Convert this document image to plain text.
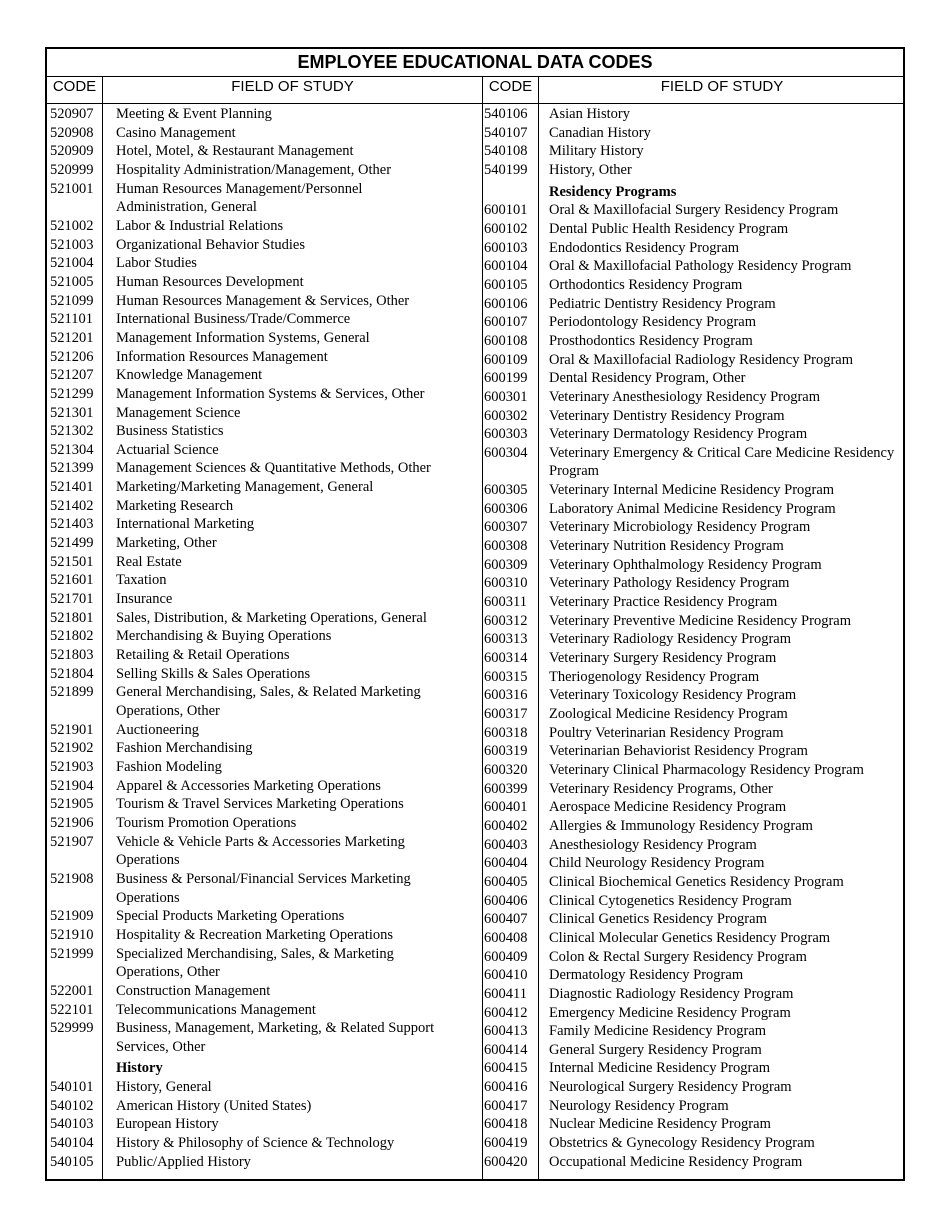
EMPLOYEE EDUCATIONAL DATA CODES
CODE	FIELD OF STUDY	CODE	FIELD OF STUDY
520907 Meeting & Event Planning
520908 Casino Management
520909 Hotel, Motel, & Restaurant Management
520999 Hospitality Administration/Management, Other
521001 Human Resources Management/Personnel Administration, General
521002 Labor & Industrial Relations
521003 Organizational Behavior Studies
521004 Labor Studies
521005 Human Resources Development
521099 Human Resources Management & Services, Other
521101 International Business/Trade/Commerce
521201 Management Information Systems, General
521206 Information Resources Management
521207 Knowledge Management
521299 Management Information Systems & Services, Other
521301 Management Science
521302 Business Statistics
521304 Actuarial Science
521399 Management Sciences & Quantitative Methods, Other
521401 Marketing/Marketing Management, General
521402 Marketing Research
521403 International Marketing
521499 Marketing, Other
521501 Real Estate
521601 Taxation
521701 Insurance
521801 Sales, Distribution, & Marketing Operations, General
521802 Merchandising & Buying Operations
521803 Retailing & Retail Operations
521804 Selling Skills & Sales Operations
521899 General Merchandising, Sales, & Related Marketing Operations, Other
521901 Auctioneering
521902 Fashion Merchandising
521903 Fashion Modeling
521904 Apparel & Accessories Marketing Operations
521905 Tourism & Travel Services Marketing Operations
521906 Tourism Promotion Operations
521907 Vehicle & Vehicle Parts & Accessories Marketing Operations
521908 Business & Personal/Financial Services Marketing Operations
521909 Special Products Marketing Operations
521910 Hospitality & Recreation Marketing Operations
521999 Specialized Merchandising, Sales, & Marketing Operations, Other
522001 Construction Management
522101 Telecommunications Management
529999 Business, Management, Marketing, & Related Support Services, Other
History
540101 History, General
540102 American History (United States)
540103 European History
540104 History & Philosophy of Science & Technology
540105 Public/Applied History
540106 Asian History
540107 Canadian History
540108 Military History
540199 History, Other
Residency Programs
600101 Oral & Maxillofacial Surgery Residency Program
600102 Dental Public Health Residency Program
600103 Endodontics Residency Program
600104 Oral & Maxillofacial Pathology Residency Program
600105 Orthodontics Residency Program
600106 Pediatric Dentistry Residency Program
600107 Periodontology Residency Program
600108 Prosthodontics Residency Program
600109 Oral & Maxillofacial Radiology Residency Program
600199 Dental Residency Program, Other
600301 Veterinary Anesthesiology Residency Program
600302 Veterinary Dentistry Residency Program
600303 Veterinary Dermatology Residency Program
600304 Veterinary Emergency & Critical Care Medicine Residency Program
600305 Veterinary Internal Medicine Residency Program
600306 Laboratory Animal Medicine Residency Program
600307 Veterinary Microbiology Residency Program
600308 Veterinary Nutrition Residency Program
600309 Veterinary Ophthalmology Residency Program
600310 Veterinary Pathology Residency Program
600311 Veterinary Practice Residency Program
600312 Veterinary Preventive Medicine Residency Program
600313 Veterinary Radiology Residency Program
600314 Veterinary Surgery Residency Program
600315 Theriogenology Residency Program
600316 Veterinary Toxicology Residency Program
600317 Zoological Medicine Residency Program
600318 Poultry Veterinarian Residency Program
600319 Veterinarian Behaviorist Residency Program
600320 Veterinary Clinical Pharmacology Residency Program
600399 Veterinary Residency Programs, Other
600401 Aerospace Medicine Residency Program
600402 Allergies & Immunology Residency Program
600403 Anesthesiology Residency Program
600404 Child Neurology Residency Program
600405 Clinical Biochemical Genetics Residency Program
600406 Clinical Cytogenetics Residency Program
600407 Clinical Genetics Residency Program
600408 Clinical Molecular Genetics Residency Program
600409 Colon & Rectal Surgery Residency Program
600410 Dermatology Residency Program
600411 Diagnostic Radiology Residency Program
600412 Emergency Medicine Residency Program
600413 Family Medicine Residency Program
600414 General Surgery Residency Program
600415 Internal Medicine Residency Program
600416 Neurological Surgery Residency Program
600417 Neurology Residency Program
600418 Nuclear Medicine Residency Program
600419 Obstetrics & Gynecology Residency Program
600420 Occupational Medicine Residency Program
